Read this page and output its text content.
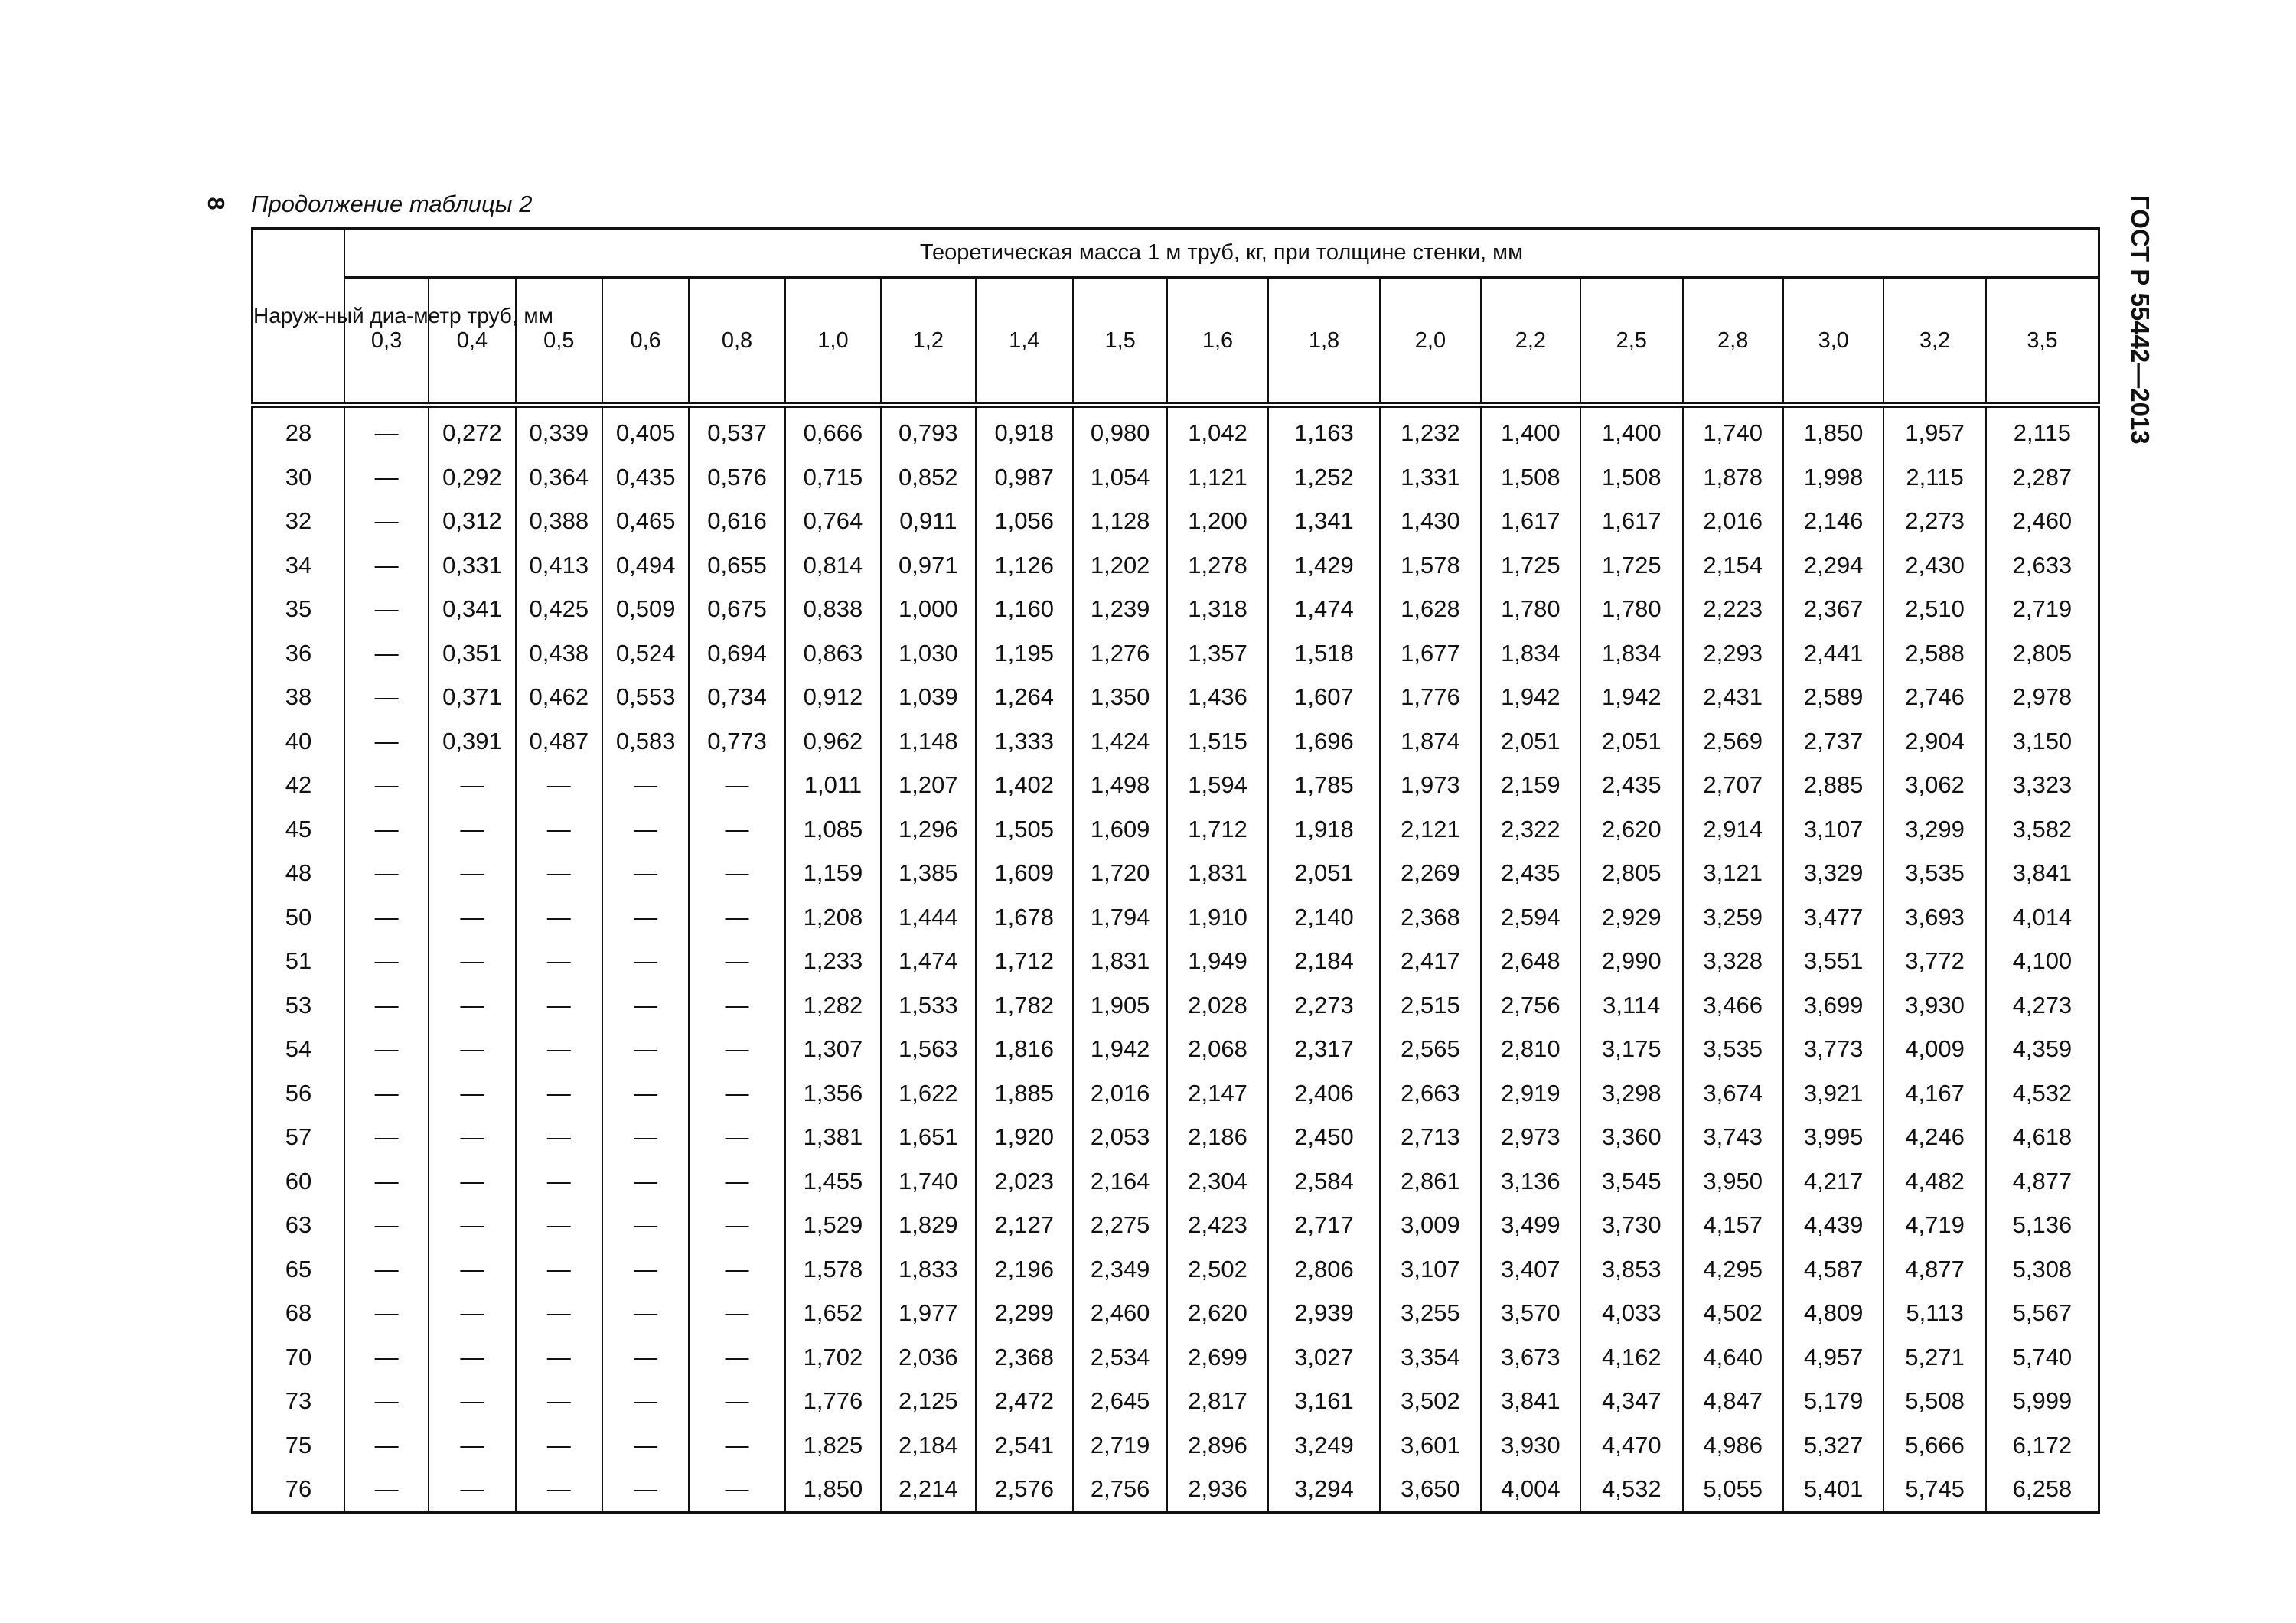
8 Продолжение таблицы 2	ГОСТ Р 55442—2013
Наруж-ный диа-метр труб, мм	Теоретическая масса 1 м труб, кг, при толщине стенки, мм																	
	0,3	0,4	0,5	0,6	0,8	1,0	1,2	1,4	1,5	1,6	1,8	2,0	2,2	2,5	2,8	3,0	3,2	3,5
28	—	0,272	0,339	0,405	0,537	0,666	0,793	0,918	0,980	1,042	1,163	1,232	1,400	1,400	1,740	1,850	1,957	2,115
30	—	0,292	0,364	0,435	0,576	0,715	0,852	0,987	1,054	1,121	1,252	1,331	1,508	1,508	1,878	1,998	2,115	2,287
32	—	0,312	0,388	0,465	0,616	0,764	0,911	1,056	1,128	1,200	1,341	1,430	1,617	1,617	2,016	2,146	2,273	2,460
34	—	0,331	0,413	0,494	0,655	0,814	0,971	1,126	1,202	1,278	1,429	1,578	1,725	1,725	2,154	2,294	2,430	2,633
35	—	0,341	0,425	0,509	0,675	0,838	1,000	1,160	1,239	1,318	1,474	1,628	1,780	1,780	2,223	2,367	2,510	2,719
36	—	0,351	0,438	0,524	0,694	0,863	1,030	1,195	1,276	1,357	1,518	1,677	1,834	1,834	2,293	2,441	2,588	2,805
38	—	0,371	0,462	0,553	0,734	0,912	1,039	1,264	1,350	1,436	1,607	1,776	1,942	1,942	2,431	2,589	2,746	2,978
40	—	0,391	0,487	0,583	0,773	0,962	1,148	1,333	1,424	1,515	1,696	1,874	2,051	2,051	2,569	2,737	2,904	3,150
42	—	—	—	—	—	1,011	1,207	1,402	1,498	1,594	1,785	1,973	2,159	2,435	2,707	2,885	3,062	3,323
45	—	—	—	—	—	1,085	1,296	1,505	1,609	1,712	1,918	2,121	2,322	2,620	2,914	3,107	3,299	3,582
48	—	—	—	—	—	1,159	1,385	1,609	1,720	1,831	2,051	2,269	2,435	2,805	3,121	3,329	3,535	3,841
50	—	—	—	—	—	1,208	1,444	1,678	1,794	1,910	2,140	2,368	2,594	2,929	3,259	3,477	3,693	4,014
51	—	—	—	—	—	1,233	1,474	1,712	1,831	1,949	2,184	2,417	2,648	2,990	3,328	3,551	3,772	4,100
53	—	—	—	—	—	1,282	1,533	1,782	1,905	2,028	2,273	2,515	2,756	3,114	3,466	3,699	3,930	4,273
54	—	—	—	—	—	1,307	1,563	1,816	1,942	2,068	2,317	2,565	2,810	3,175	3,535	3,773	4,009	4,359
56	—	—	—	—	—	1,356	1,622	1,885	2,016	2,147	2,406	2,663	2,919	3,298	3,674	3,921	4,167	4,532
57	—	—	—	—	—	1,381	1,651	1,920	2,053	2,186	2,450	2,713	2,973	3,360	3,743	3,995	4,246	4,618
60	—	—	—	—	—	1,455	1,740	2,023	2,164	2,304	2,584	2,861	3,136	3,545	3,950	4,217	4,482	4,877
63	—	—	—	—	—	1,529	1,829	2,127	2,275	2,423	2,717	3,009	3,499	3,730	4,157	4,439	4,719	5,136
65	—	—	—	—	—	1,578	1,833	2,196	2,349	2,502	2,806	3,107	3,407	3,853	4,295	4,587	4,877	5,308
68	—	—	—	—	—	1,652	1,977	2,299	2,460	2,620	2,939	3,255	3,570	4,033	4,502	4,809	5,113	5,567
70	—	—	—	—	—	1,702	2,036	2,368	2,534	2,699	3,027	3,354	3,673	4,162	4,640	4,957	5,271	5,740
73	—	—	—	—	—	1,776	2,125	2,472	2,645	2,817	3,161	3,502	3,841	4,347	4,847	5,179	5,508	5,999
75	—	—	—	—	—	1,825	2,184	2,541	2,719	2,896	3,249	3,601	3,930	4,470	4,986	5,327	5,666	6,172
76	—	—	—	—	—	1,850	2,214	2,576	2,756	2,936	3,294	3,650	4,004	4,532	5,055	5,401	5,745	6,258
